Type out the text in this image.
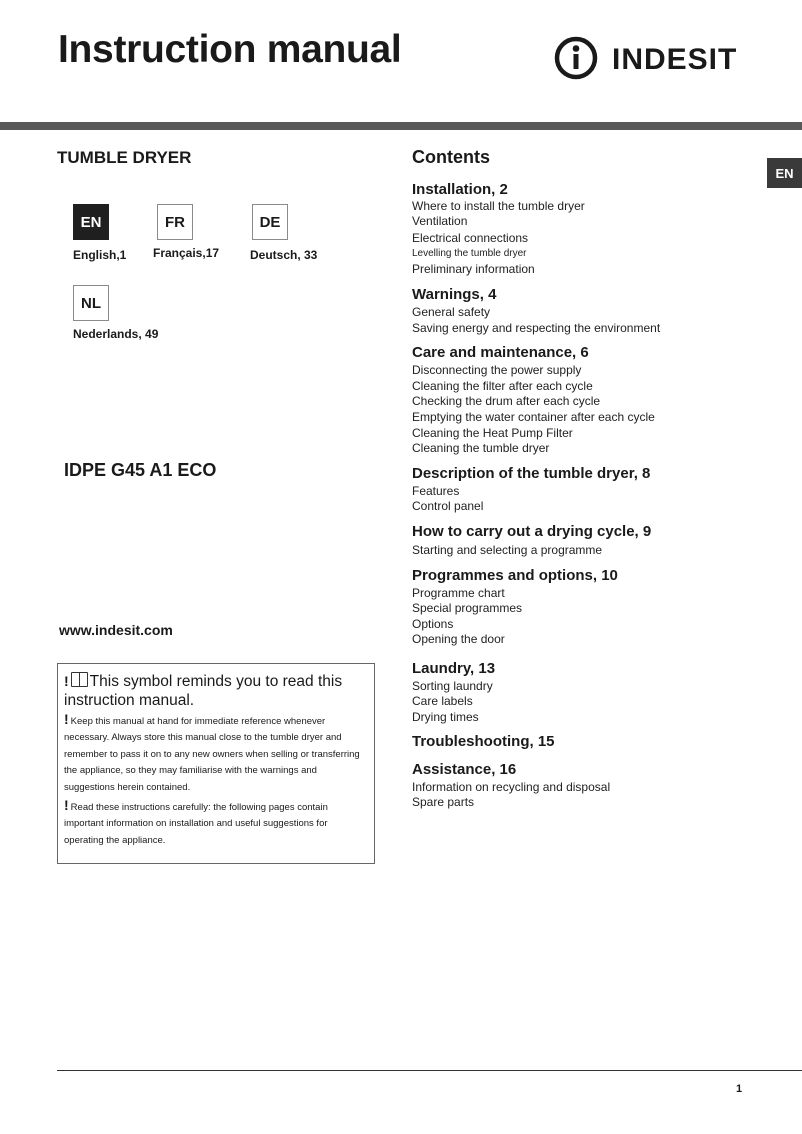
Instruction manual	INDESIT
EN
TUMBLE DRYER
EN
English,1
FR
Français,17
DE
Deutsch, 33
NL
Nederlands, 49
IDPE G45 A1 ECO
www.indesit.com
! This symbol reminds you to read this instruction manual.
! Keep this manual at hand for immediate reference whenever necessary. Always store this manual close to the tumble dryer and remember to pass it on to any new owners when selling or transferring the appliance, so they may familiarise with the warnings and suggestions herein contained.
! Read these instructions carefully: the following pages contain important information on installation and useful suggestions for operating the appliance.
Contents
Installation, 2
Where to install the tumble dryer
Ventilation
Electrical connections
Levelling the tumble dryer
Preliminary information
Warnings, 4
General safety
Saving energy and respecting the environment
Care and maintenance, 6
Disconnecting the power supply
Cleaning the filter after each cycle
Checking the drum after each cycle
Emptying the water container after each cycle
Cleaning the Heat Pump Filter
Cleaning the tumble dryer
Description of the tumble dryer, 8
Features
Control panel
How to carry out a drying cycle, 9
Starting and selecting a programme
Programmes and options, 10
Programme chart
Special programmes
Options
Opening the door
Laundry, 13
Sorting laundry
Care labels
Drying times
Troubleshooting, 15
Assistance, 16
Information on recycling and disposal
Spare parts
1
